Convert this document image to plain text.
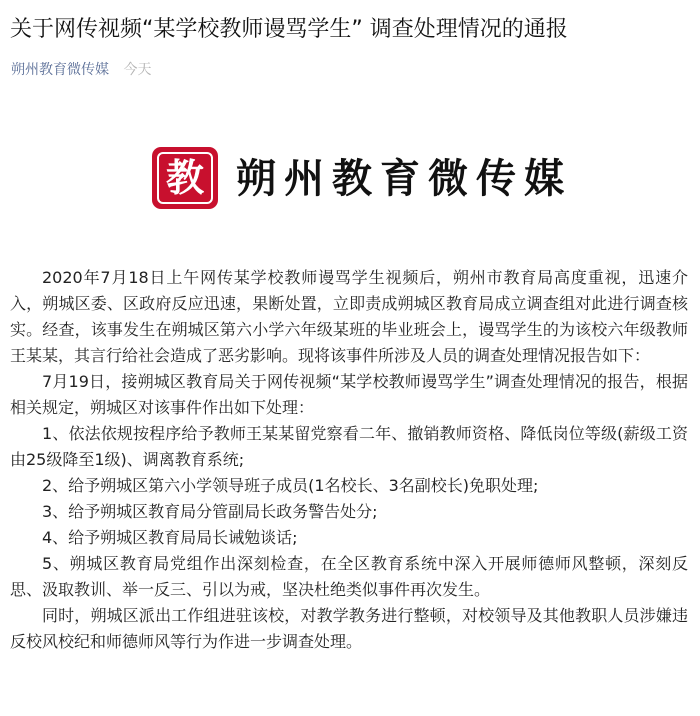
关于网传视频“某学校教师谩骂学生” 调查处理情况的通报
朔州教育微传媒 今天
教 朔州教育微传媒

2020年7月18日上午网传某学校教师谩骂学生视频后，朔州市教育局高度重视，迅速介入，朔城区委、区政府反应迅速，果断处置，立即责成朔城区教育局成立调查组对此进行调查核实。经查，该事发生在朔城区第六小学六年级某班的毕业班会上，谩骂学生的为该校六年级教师王某某，其言行给社会造成了恶劣影响。现将该事件所涉及人员的调查处理情况报告如下：

7月19日，接朔城区教育局关于网传视频“某学校教师谩骂学生”调查处理情况的报告，根据相关规定，朔城区对该事件作出如下处理：

1、依法依规按程序给予教师王某某留党察看二年、撤销教师资格、降低岗位等级(薪级工资由25级降至1级)、调离教育系统;

2、给予朔城区第六小学领导班子成员(1名校长、3名副校长)免职处理;

3、给予朔城区教育局分管副局长政务警告处分;

4、给予朔城区教育局局长诫勉谈话;

5、朔城区教育局党组作出深刻检查，在全区教育系统中深入开展师德师风整顿，深刻反思、汲取教训、举一反三、引以为戒，坚决杜绝类似事件再次发生。

同时，朔城区派出工作组进驻该校，对教学教务进行整顿，对校领导及其他教职人员涉嫌违反校风校纪和师德师风等行为作进一步调查处理。
